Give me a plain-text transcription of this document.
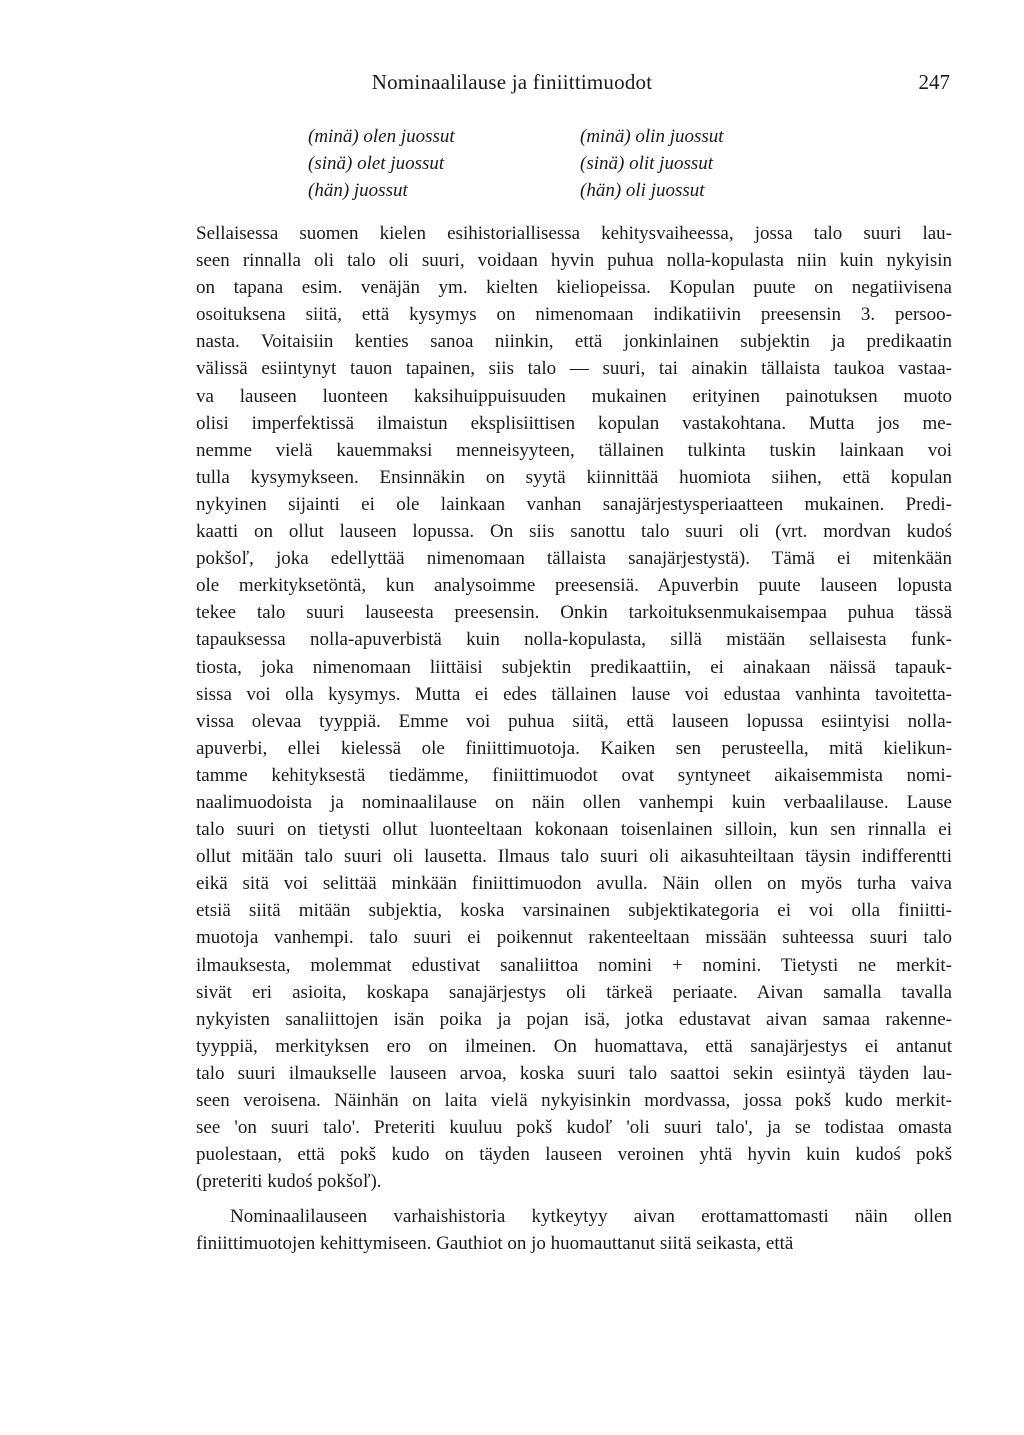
Nominaalilause ja finiittimuodot	247
(minä) olen juossut
(sinä) olet juossut
(hän) juossut
(minä) olin juossut
(sinä) olit juossut
(hän) oli juossut
Sellaisessa suomen kielen esihistoriallisessa kehitysvaiheessa, jossa talo suuri lau-
seen rinnalla oli talo oli suuri, voidaan hyvin puhua nolla-kopulasta niin kuin nykyisin
on tapana esim. venäjän ym. kielten kieliopeissa. Kopulan puute on negatiivisena
osoituksena siitä, että kysymys on nimenomaan indikatiivin preesensin 3. persoo-
nasta. Voitaisiin kenties sanoa niinkin, että jonkinlainen subjektin ja predikaatin
välissä esiintynyt tauon tapainen, siis talo — suuri, tai ainakin tällaista taukoa vastaa-
va lauseen luonteen kaksihuippuisuuden mukainen erityinen painotuksen muoto
olisi imperfektissä ilmaistun eksplisiittisen kopulan vastakohtana. Mutta jos me-
nemme vielä kauemmaksi menneisyyteen, tällainen tulkinta tuskin lainkaan voi
tulla kysymykseen. Ensinnäkin on syytä kiinnittää huomiota siihen, että kopulan
nykyinen sijainti ei ole lainkaan vanhan sanajärjestysperiaatteen mukainen. Predi-
kaatti on ollut lauseen lopussa. On siis sanottu talo suuri oli (vrt. mordvan kudoś
pokšoľ, joka edellyttää nimenomaan tällaista sanajärjestystä). Tämä ei mitenkään
ole merkityksetöntä, kun analysoimme preesensiä. Apuverbin puute lauseen lopusta
tekee talo suuri lauseesta preesensin. Onkin tarkoituksenmukaisempaa puhua tässä
tapauksessa nolla-apuverbistä kuin nolla-kopulasta, sillä mistään sellaisesta funk-
tiosta, joka nimenomaan liittäisi subjektin predikaattiin, ei ainakaan näissä tapauk-
sissa voi olla kysymys. Mutta ei edes tällainen lause voi edustaa vanhinta tavoitetta-
vissa olevaa tyyppiä. Emme voi puhua siitä, että lauseen lopussa esiintyisi nolla-
apuverbi, ellei kielessä ole finiittimuotoja. Kaiken sen perusteella, mitä kielikun-
tamme kehityksestä tiedämme, finiittimuodot ovat syntyneet aikaisemmista nomi-
naalimuodoista ja nominaalilause on näin ollen vanhempi kuin verbaalilause. Lause
talo suuri on tietysti ollut luonteeltaan kokonaan toisenlainen silloin, kun sen rinnalla ei
ollut mitään talo suuri oli lausetta. Ilmaus talo suuri oli aikasuhteiltaan täysin indifferentti
eikä sitä voi selittää minkään finiittimuodon avulla. Näin ollen on myös turha vaiva
etsiä siitä mitään subjektia, koska varsinainen subjektikategoria ei voi olla finiitti-
muotoja vanhempi. talo suuri ei poikennut rakenteeltaan missään suhteessa suuri talo
ilmauksesta, molemmat edustivat sanaliittoa nomini + nomini. Tietysti ne merkit-
sivät eri asioita, koskapa sanajärjestys oli tärkeä periaate. Aivan samalla tavalla
nykyisten sanaliittojen isän poika ja pojan isä, jotka edustavat aivan samaa rakenne-
tyyppiä, merkityksen ero on ilmeinen. On huomattava, että sanajärjestys ei antanut
talo suuri ilmaukselle lauseen arvoa, koska suuri talo saattoi sekin esiintyä täyden lau-
seen veroisena. Näinhän on laita vielä nykyisinkin mordvassa, jossa pokš kudo merkit-
see 'on suuri talo'. Preteriti kuuluu pokš kudoľ 'oli suuri talo', ja se todistaa omasta
puolestaan, että pokš kudo on täyden lauseen veroinen yhtä hyvin kuin kudoś pokš
(preteriti kudoś pokšoľ).
Nominaalilauseen varhaishistoria kytkeytyy aivan erottamattomasti näin ollen
finiittimuotojen kehittymiseen. Gauthiot on jo huomauttanut siitä seikasta, että
